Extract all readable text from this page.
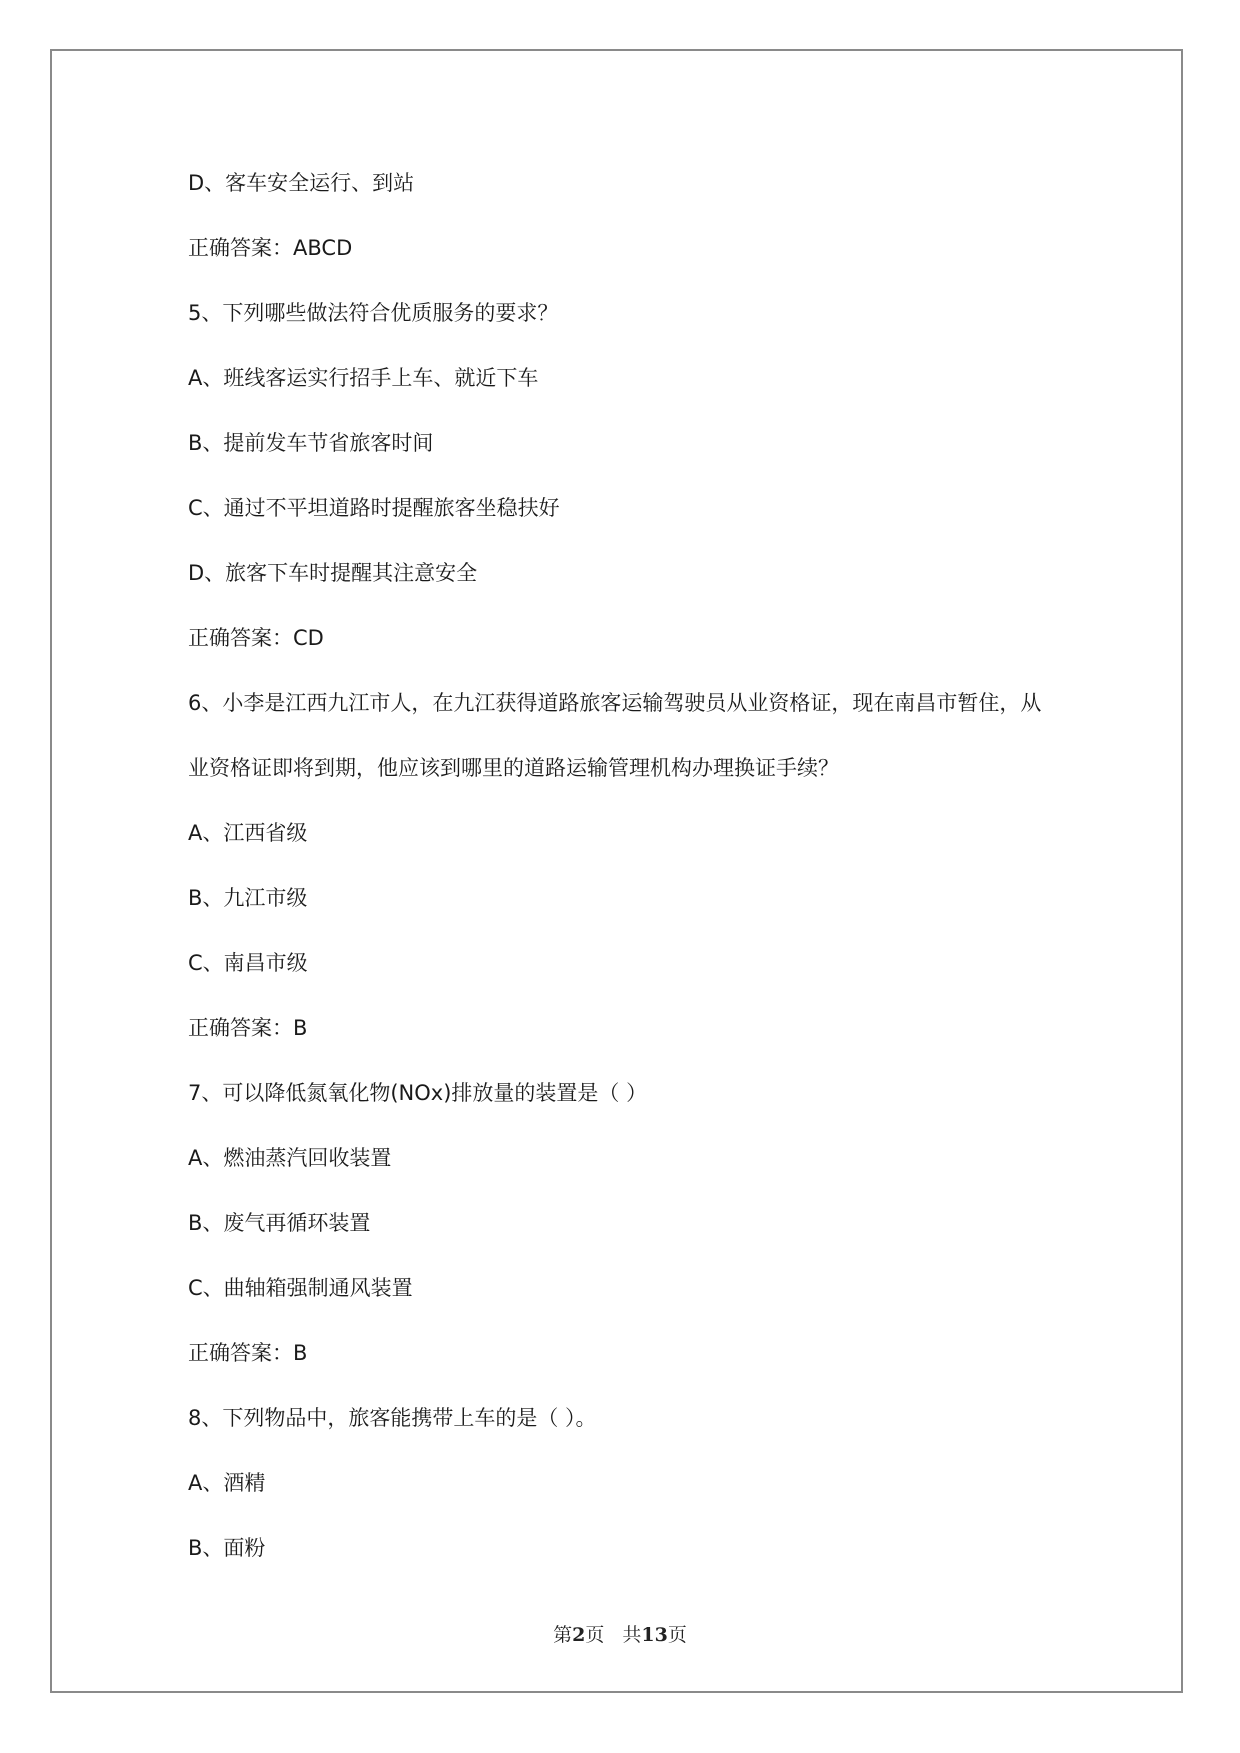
D、客车安全运行、到站
正确答案：ABCD
5、下列哪些做法符合优质服务的要求？
A、班线客运实行招手上车、就近下车
B、提前发车节省旅客时间
C、通过不平坦道路时提醒旅客坐稳扶好
D、旅客下车时提醒其注意安全
正确答案：CD
6、小李是江西九江市人，在九江获得道路旅客运输驾驶员从业资格证，现在南昌市暂住，从
业资格证即将到期，他应该到哪里的道路运输管理机构办理换证手续？
A、江西省级
B、九江市级
C、南昌市级
正确答案：B
7、可以降低氮氧化物(NOx)排放量的装置是（ ）
A、燃油蒸汽回收装置
B、废气再循环装置
C、曲轴箱强制通风装置
正确答案：B
8、下列物品中，旅客能携带上车的是（ ）。
A、酒精
B、面粉
第2页 共13页
